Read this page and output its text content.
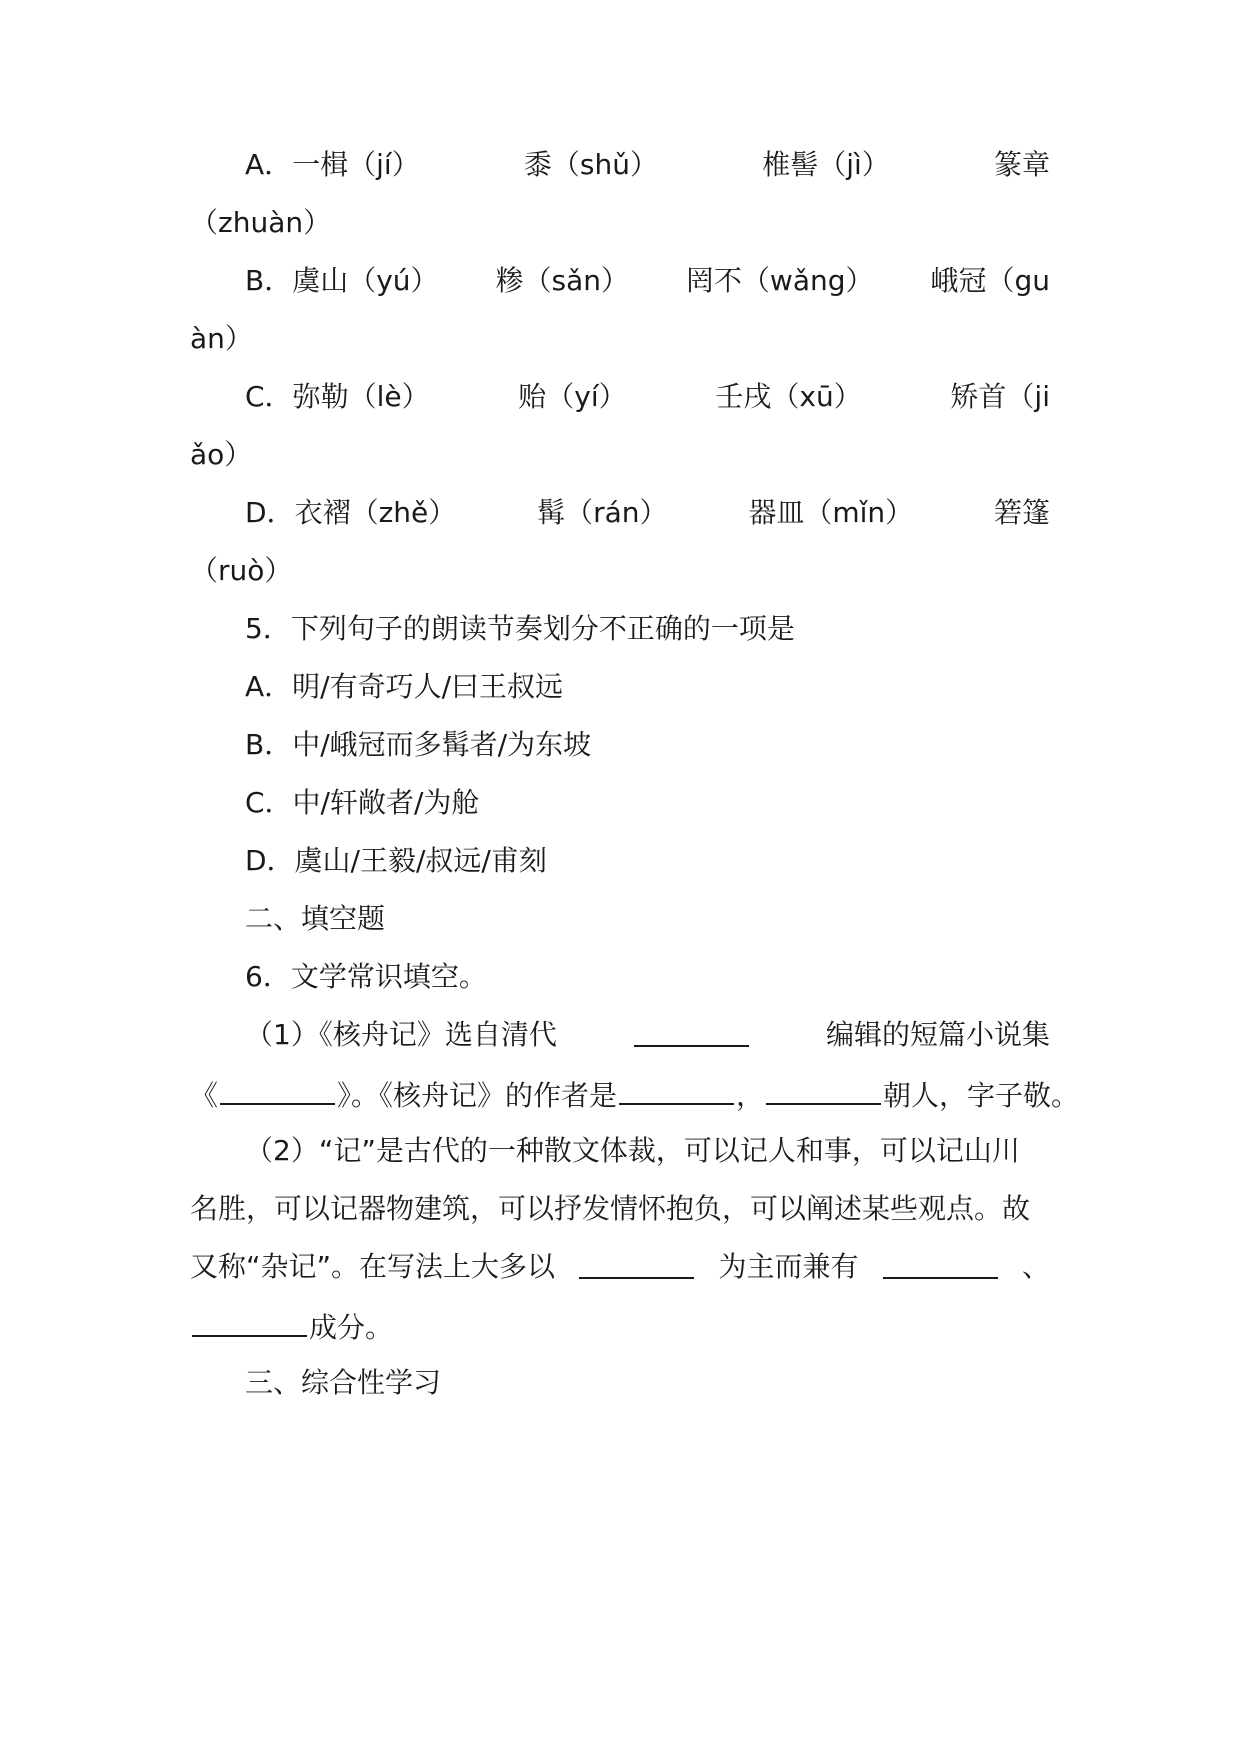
A．一楫（jí）	黍（shǔ）	椎髻（jì）	篆章
（zhuàn）
B．虞山（yú） 糁（sǎn） 罔不（wǎng） 峨冠（gu
àn）
C．弥勒（lè）	贻（yí）	壬戌（xū）	矫首（ji
ǎo）
D．衣褶（zhě）	髯（rán）	器皿（mǐn）	箬篷
（ruò）
5．下列句子的朗读节奏划分不正确的一项是
A．明/有奇巧人/曰王叔远
B．中/峨冠而多髯者/为东坡
C．中/轩敞者/为舱
D．虞山/王毅/叔远/甫刻
二、填空题
6．文学常识填空。
（1）《核舟记》选自清代	编辑的短篇小说集
《	》。《核舟记》的作者是	，	朝人，字子敬。
（2）“记”是古代的一种散文体裁，可以记人和事，可以记山川
名胜，可以记器物建筑，可以抒发情怀抱负，可以阐述某些观点。故
又称“杂记”。在写法上大多以	为主而兼有	、
成分。
三、综合性学习
